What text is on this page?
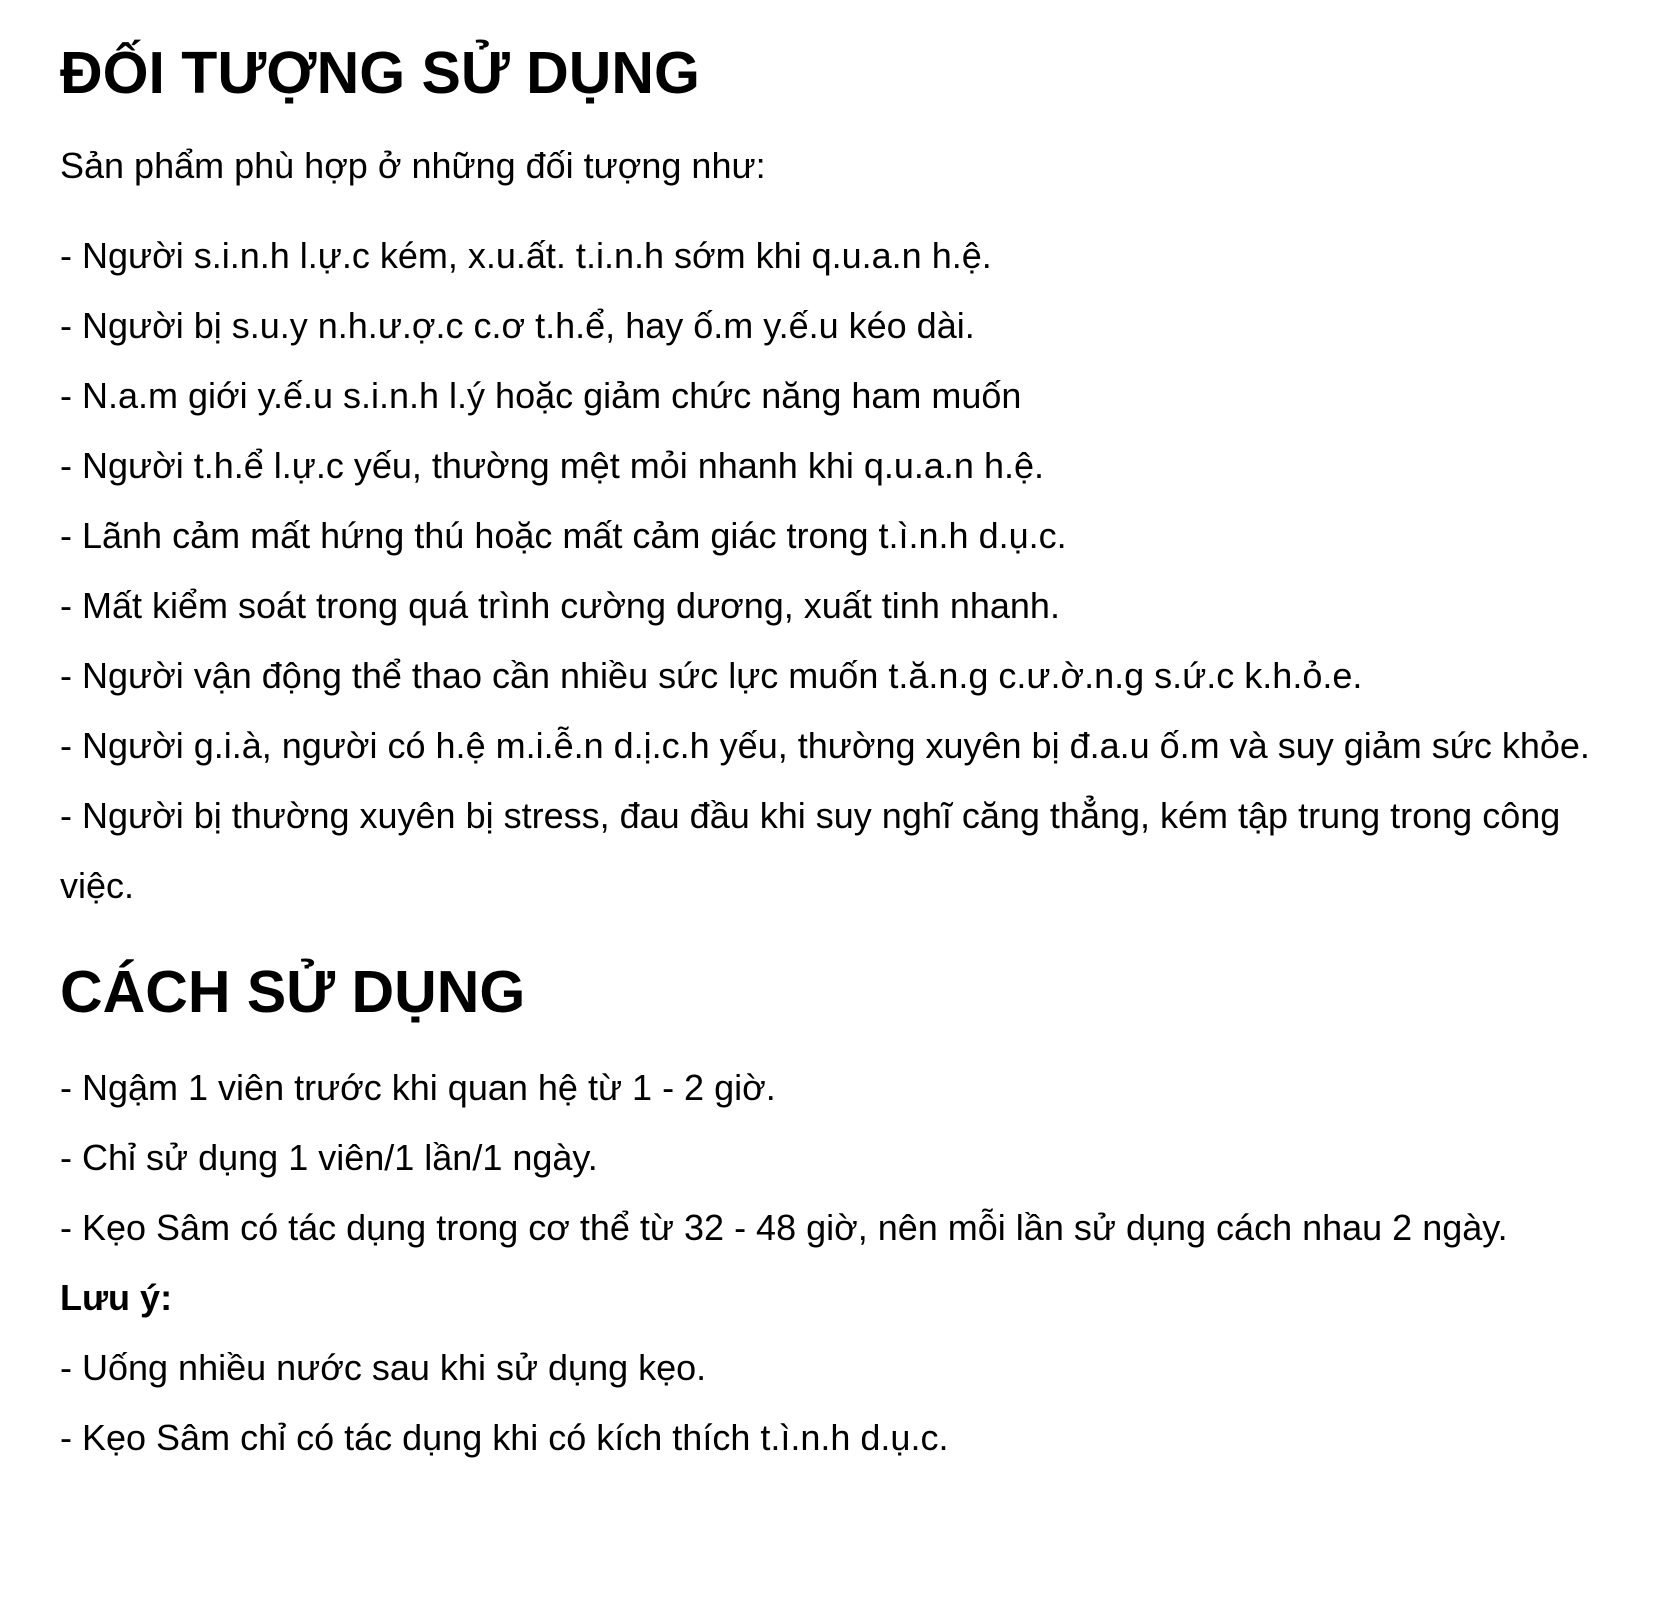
ĐỐI TƯỢNG SỬ DỤNG

Sản phẩm phù hợp ở những đối tượng như:

- Người s.i.n.h l.ự.c kém, x.u.ất. t.i.n.h sớm khi q.u.a.n h.ệ.
- Người bị s.u.y n.h.ư.ợ.c c.ơ t.h.ể, hay ố.m y.ế.u kéo dài.
- N.a.m giới y.ế.u s.i.n.h l.ý hoặc giảm chức năng ham muốn
- Người t.h.ể l.ự.c yếu, thường mệt mỏi nhanh khi q.u.a.n h.ệ.
- Lãnh cảm mất hứng thú hoặc mất cảm giác trong t.ì.n.h d.ụ.c.
- Mất kiểm soát trong quá trình cường dương, xuất tinh nhanh.
- Người vận động thể thao cần nhiều sức lực muốn t.ă.n.g c.ư.ờ.n.g s.ứ.c k.h.ỏ.e.
- Người g.i.à, người có h.ệ m.i.ễ.n d.ị.c.h yếu, thường xuyên bị đ.a.u ố.m và suy giảm sức khỏe.
- Người bị thường xuyên bị stress, đau đầu khi suy nghĩ căng thẳng, kém tập trung trong công việc.
CÁCH SỬ DỤNG
- Ngậm 1 viên trước khi quan hệ từ 1 - 2 giờ.
- Chỉ sử dụng 1 viên/1 lần/1 ngày.
- Kẹo Sâm có tác dụng trong cơ thể từ 32 - 48 giờ, nên mỗi lần sử dụng cách nhau 2 ngày.

Lưu ý:

- Uống nhiều nước sau khi sử dụng kẹo.
- Kẹo Sâm chỉ có tác dụng khi có kích thích t.ì.n.h d.ụ.c.
